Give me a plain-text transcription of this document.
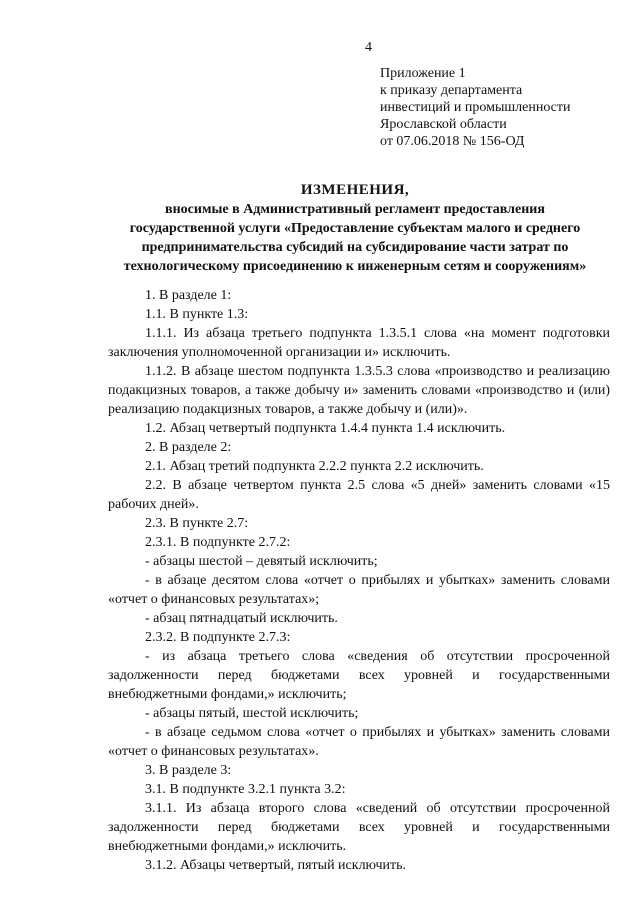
4
Приложение 1
к приказу департамента
инвестиций и промышленности
Ярославской области
от 07.06.2018 № 156-ОД
ИЗМЕНЕНИЯ,
вносимые в Административный регламент предоставления
государственной услуги «Предоставление субъектам малого и среднего
предпринимательства субсидий на субсидирование части затрат по
технологическому присоединению к инженерным сетям и сооружениям»

1. В разделе 1:

1.1. В пункте 1.3:

1.1.1. Из абзаца третьего подпункта 1.3.5.1 слова «на момент подготовки заключения уполномоченной организации и» исключить.

1.1.2. В абзаце шестом подпункта 1.3.5.3 слова «производство и реализацию подакцизных товаров, а также добычу и» заменить словами «производство и (или) реализацию подакцизных товаров, а также добычу и (или)».

1.2. Абзац четвертый подпункта 1.4.4 пункта 1.4 исключить.

2. В разделе 2:

2.1. Абзац третий подпункта 2.2.2 пункта 2.2 исключить.

2.2. В абзаце четвертом пункта 2.5 слова «5 дней» заменить словами «15 рабочих дней».

2.3. В пункте 2.7:

2.3.1. В подпункте 2.7.2:

- абзацы шестой – девятый исключить;

- в абзаце десятом слова «отчет о прибылях и убытках» заменить словами «отчет о финансовых результатах»;

- абзац пятнадцатый исключить.

2.3.2. В подпункте 2.7.3:

- из абзаца третьего слова «сведения об отсутствии просроченной задолженности перед бюджетами всех уровней и государственными внебюджетными фондами,» исключить;

- абзацы пятый, шестой исключить;

- в абзаце седьмом слова «отчет о прибылях и убытках» заменить словами «отчет о финансовых результатах».

3. В разделе 3:

3.1. В подпункте 3.2.1 пункта 3.2:

3.1.1. Из абзаца второго слова «сведений об отсутствии просроченной задолженности перед бюджетами всех уровней и государственными внебюджетными фондами,» исключить.

3.1.2. Абзацы четвертый, пятый исключить.
